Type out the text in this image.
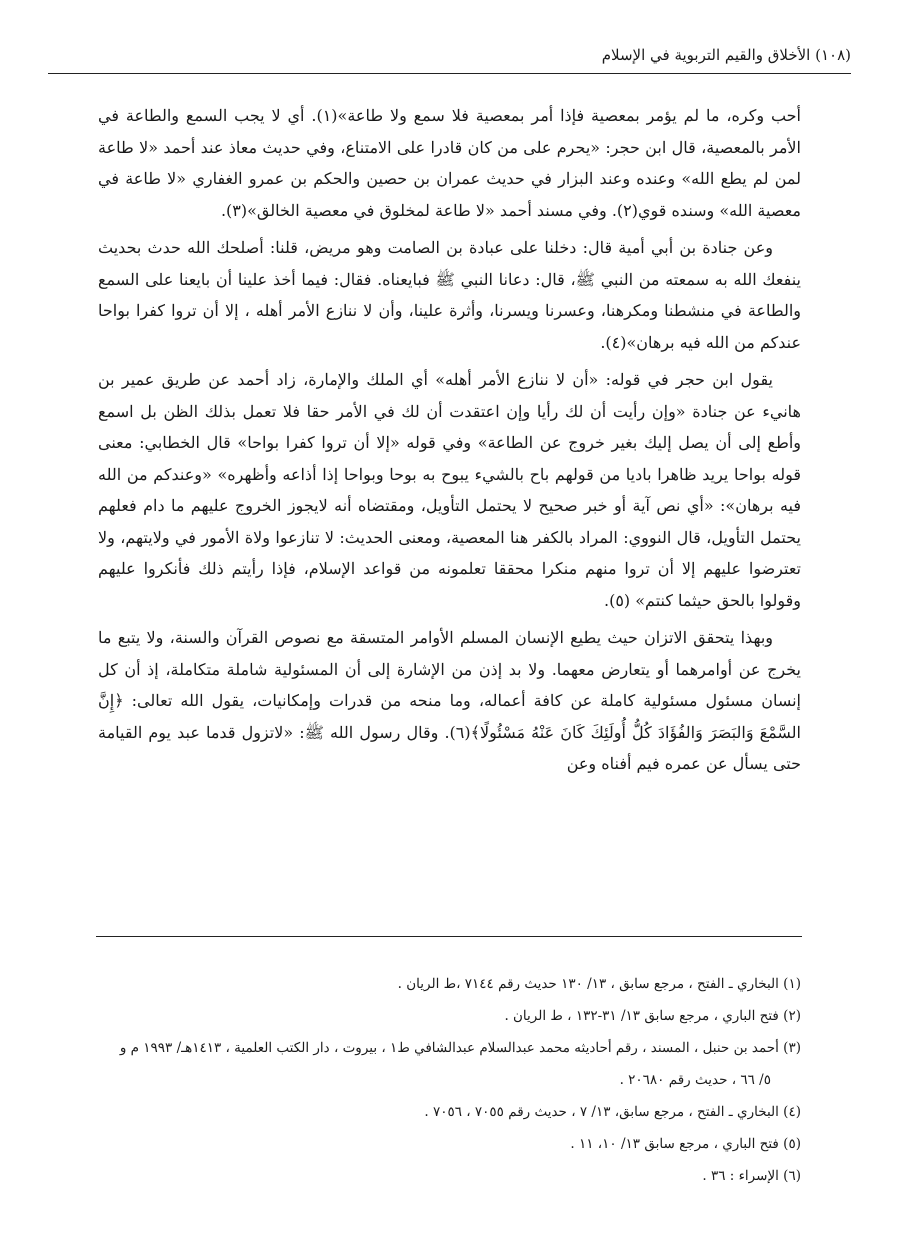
(١٠٨) الأخلاق والقيم التربوية في الإسلام

أحب وكره، ما لم يؤمر بمعصية فإذا أمر بمعصية فلا سمع ولا طاعة»(١). أي لا يجب السمع والطاعة في الأمر بالمعصية، قال ابن حجر: «يحرم على من كان قادرا على الامتناع، وفي حديث معاذ عند أحمد «لا طاعة لمن لم يطع الله» وعنده وعند البزار في حديث عمران بن حصين والحكم بن عمرو الغفاري «لا طاعة في معصية الله» وسنده قوي(٢). وفي مسند أحمد «لا طاعة لمخلوق في معصية الخالق»(٣).

وعن جنادة بن أبي أمية قال: دخلنا على عبادة بن الصامت وهو مريض، قلنا: أصلحك الله حدث بحديث ينفعك الله به سمعته من النبي ﷺ، قال: دعانا النبي ﷺ فبايعناه. فقال: فيما أخذ علينا أن بايعنا على السمع والطاعة في منشطنا ومكرهنا، وعسرنا ويسرنا، وأثرة علينا، وأن لا ننازع الأمر أهله ، إلا أن تروا كفرا بواحا عندكم من الله فيه برهان»(٤).

يقول ابن حجر في قوله: «أن لا ننازع الأمر أهله» أي الملك والإمارة، زاد أحمد عن طريق عمير بن هانيء عن جنادة «وإن رأيت أن لك رأيا وإن اعتقدت أن لك في الأمر حقا فلا تعمل بذلك الظن بل اسمع وأطع إلى أن يصل إليك بغير خروج عن الطاعة» وفي قوله «إلا أن تروا كفرا بواحا» قال الخطابي: معنى قوله بواحا يريد ظاهرا باديا من قولهم باح بالشيء يبوح به بوحا وبواحا إذا أذاعه وأظهره» «وعندكم من الله فيه برهان»: «أي نص آية أو خبر صحيح لا يحتمل التأويل، ومقتضاه أنه لايجوز الخروج عليهم ما دام فعلهم يحتمل التأويل، قال النووي: المراد بالكفر هنا المعصية، ومعنى الحديث: لا تنازعوا ولاة الأمور في ولايتهم، ولا تعترضوا عليهم إلا أن تروا منهم منكرا محققا تعلمونه من قواعد الإسلام، فإذا رأيتم ذلك فأنكروا عليهم وقولوا بالحق حيثما كنتم» (٥).

وبهذا يتحقق الاتزان حيث يطيع الإنسان المسلم الأوامر المتسقة مع نصوص القرآن والسنة، ولا يتبع ما يخرج عن أوامرهما أو يتعارض معهما. ولا بد إذن من الإشارة إلى أن المسئولية شاملة متكاملة، إذ أن كل إنسان مسئول مسئولية كاملة عن كافة أعماله، وما منحه من قدرات وإمكانيات، يقول الله تعالى: ﴿إِنَّ السَّمْعَ وَالبَصَرَ وَالفُؤَادَ كُلُّ أُولَئِكَ كَانَ عَنْهُ مَسْئُولًا﴾(٦). وقال رسول الله ﷺ: «لاتزول قدما عبد يوم القيامة حتى يسأل عن عمره فيم أفناه وعن

(١) البخاري ـ الفتح ، مرجع سابق ، ١٣/ ١٣٠ حديث رقم ٧١٤٤ ،ط الريان .

(٢) فتح الباري ، مرجع سابق ١٣/ ٣١-١٣٢ ، ط الريان .

(٣) أحمد بن حنبل ، المسند ، رقم أحاديثه محمد عبدالسلام عبدالشافي ط١ ، بيروت ، دار الكتب العلمية ، ١٤١٣هـ/ ١٩٩٣ م و

٥/ ٦٦ ، حديث رقم ٢٠٦٨٠ .

(٤) البخاري ـ الفتح ، مرجع سابق، ١٣/ ٧ ، حديث رقم ٧٠٥٥ ، ٧٠٥٦ .

(٥) فتح الباري ، مرجع سابق ١٣/ ١٠، ١١ .

(٦) الإسراء : ٣٦ .
